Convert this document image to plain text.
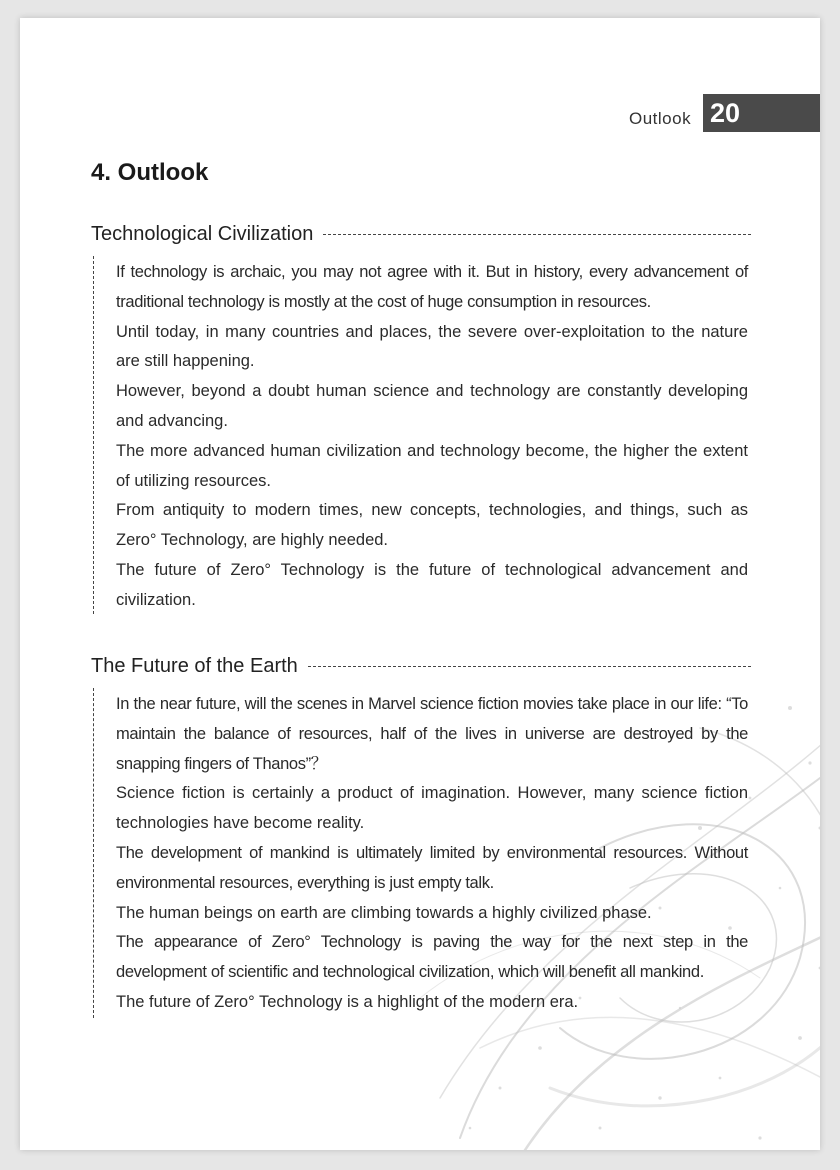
Outlook 20
4. Outlook
Technological Civilization

If technology is archaic, you may not agree with it. But in history, every advancement of traditional technology is mostly at the cost of huge consumption in resources.

Until today, in many countries and places, the severe over-exploitation to the nature are still happening.

However, beyond a doubt human science and technology are constantly developing and advancing.

The more advanced human civilization and technology become, the higher the extent of utilizing resources.

From antiquity to modern times, new concepts, technologies, and things, such as Zero° Technology, are highly needed.

The future of Zero° Technology is the future of technological advancement and civilization.

The Future of the Earth

In the near future, will the scenes in Marvel science fiction movies take place in our life: “To maintain the balance of resources, half of the lives in universe are destroyed by the snapping fingers of Thanos”？

Science fiction is certainly a product of imagination. However, many science fiction technologies have become reality.

The development of mankind is ultimately limited by environmental resources. Without environmental resources, everything is just empty talk.

The human beings on earth are climbing towards a highly civilized phase.

The appearance of Zero° Technology is paving the way for the next step in the development of scientific and technological civilization, which will benefit all mankind.

The future of Zero° Technology is a highlight of the modern era.
